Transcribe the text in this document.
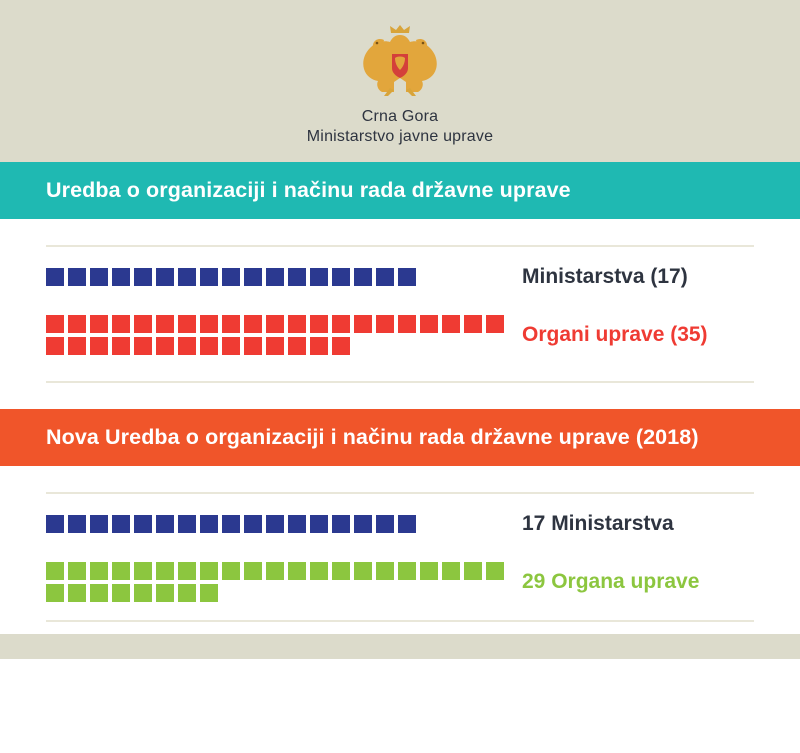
Crna Gora
Ministarstvo javne uprave
Uredba o organizaciji i načinu rada državne uprave
Ministarstva (17)
Organi uprave (35)
Nova Uredba o organizaciji i načinu rada državne uprave (2018)
17 Ministarstva
29 Organa uprave
